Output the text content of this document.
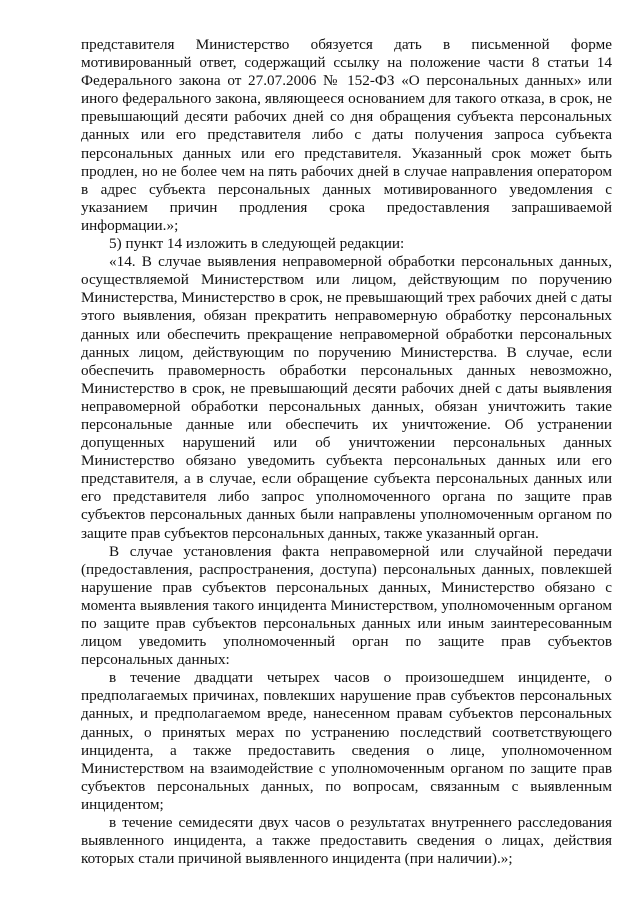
представителя Министерство обязуется дать в письменной форме мотивированный ответ, содержащий ссылку на положение части 8 статьи 14 Федерального закона от 27.07.2006 № 152-ФЗ «О персональных данных» или иного федерального закона, являющееся основанием для такого отказа, в срок, не превышающий десяти рабочих дней со дня обращения субъекта персональных данных или его представителя либо с даты получения запроса субъекта персональных данных или его представителя. Указанный срок может быть продлен, но не более чем на пять рабочих дней в случае направления оператором в адрес субъекта персональных данных мотивированного уведомления с указанием причин продления срока предоставления запрашиваемой информации.»;

5) пункт 14 изложить в следующей редакции:

«14. В случае выявления неправомерной обработки персональных данных, осуществляемой Министерством или лицом, действующим по поручению Министерства, Министерство в срок, не превышающий трех рабочих дней с даты этого выявления, обязан прекратить неправомерную обработку персональных данных или обеспечить прекращение неправомерной обработки персональных данных лицом, действующим по поручению Министерства. В случае, если обеспечить правомерность обработки персональных данных невозможно, Министерство в срок, не превышающий десяти рабочих дней с даты выявления неправомерной обработки персональных данных, обязан уничтожить такие персональные данные или обеспечить их уничтожение. Об устранении допущенных нарушений или об уничтожении персональных данных Министерство обязано уведомить субъекта персональных данных или его представителя, а в случае, если обращение субъекта персональных данных или его представителя либо запрос уполномоченного органа по защите прав субъектов персональных данных были направлены уполномоченным органом по защите прав субъектов персональных данных, также указанный орган.

В случае установления факта неправомерной или случайной передачи (предоставления, распространения, доступа) персональных данных, повлекшей нарушение прав субъектов персональных данных, Министерство обязано с момента выявления такого инцидента Министерством, уполномоченным органом по защите прав субъектов персональных данных или иным заинтересованным лицом уведомить уполномоченный орган по защите прав субъектов персональных данных:

в течение двадцати четырех часов о произошедшем инциденте, о предполагаемых причинах, повлекших нарушение прав субъектов персональных данных, и предполагаемом вреде, нанесенном правам субъектов персональных данных, о принятых мерах по устранению последствий соответствующего инцидента, а также предоставить сведения о лице, уполномоченном Министерством на взаимодействие с уполномоченным органом по защите прав субъектов персональных данных, по вопросам, связанным с выявленным инцидентом;

в течение семидесяти двух часов о результатах внутреннего расследования выявленного инцидента, а также предоставить сведения о лицах, действия которых стали причиной выявленного инцидента (при наличии).»;
